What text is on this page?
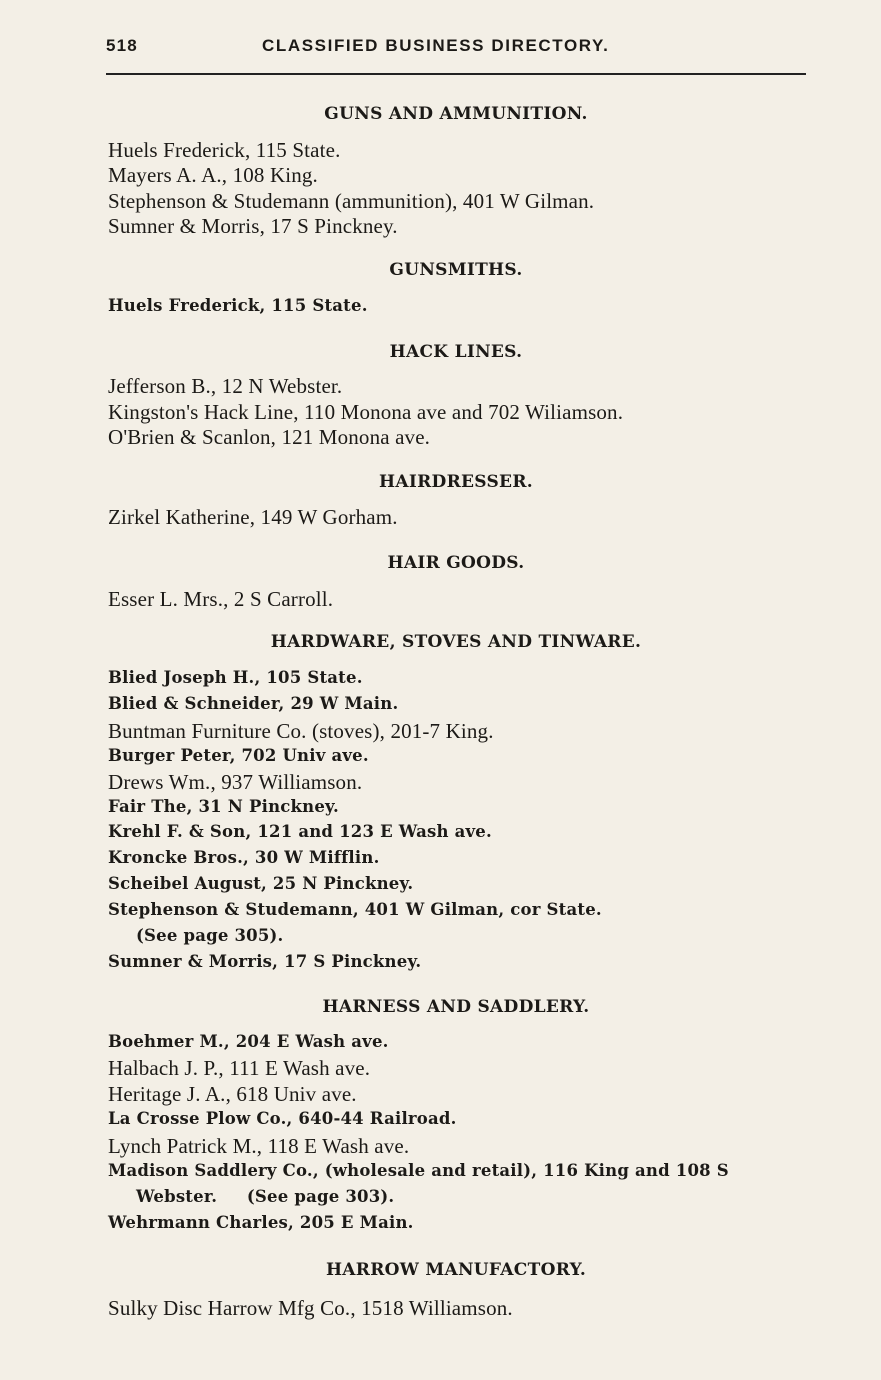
518	CLASSIFIED BUSINESS DIRECTORY.
GUNS AND AMMUNITION.
Huels Frederick, 115 State.
Mayers A. A., 108 King.
Stephenson & Studemann (ammunition), 401 W Gilman.
Sumner & Morris, 17 S Pinckney.
GUNSMITHS.
Huels Frederick, 115 State.
HACK LINES.
Jefferson B., 12 N Webster.
Kingston's Hack Line, 110 Monona ave and 702 Wiliamson.
O'Brien & Scanlon, 121 Monona ave.
HAIRDRESSER.
Zirkel Katherine, 149 W Gorham.
HAIR GOODS.
Esser L. Mrs., 2 S Carroll.
HARDWARE, STOVES AND TINWARE.
Blied Joseph H., 105 State.
Blied & Schneider, 29 W Main.
Buntman Furniture Co. (stoves), 201-7 King.
Burger Peter, 702 Univ ave.
Drews Wm., 937 Williamson.
Fair The, 31 N Pinckney.
Krehl F. & Son, 121 and 123 E Wash ave.
Kroncke Bros., 30 W Mifflin.
Scheibel August, 25 N Pinckney.
Stephenson & Studemann, 401 W Gilman, cor State.
(See page 305).
Sumner & Morris, 17 S Pinckney.
HARNESS AND SADDLERY.
Boehmer M., 204 E Wash ave.
Halbach J. P., 111 E Wash ave.
Heritage J. A., 618 Univ ave.
La Crosse Plow Co., 640-44 Railroad.
Lynch Patrick M., 118 E Wash ave.
Madison Saddlery Co., (wholesale and retail), 116 King and 108 S
Webster.     (See page 303).
Wehrmann Charles, 205 E Main.
HARROW MANUFACTORY.
Sulky Disc Harrow Mfg Co., 1518 Williamson.
